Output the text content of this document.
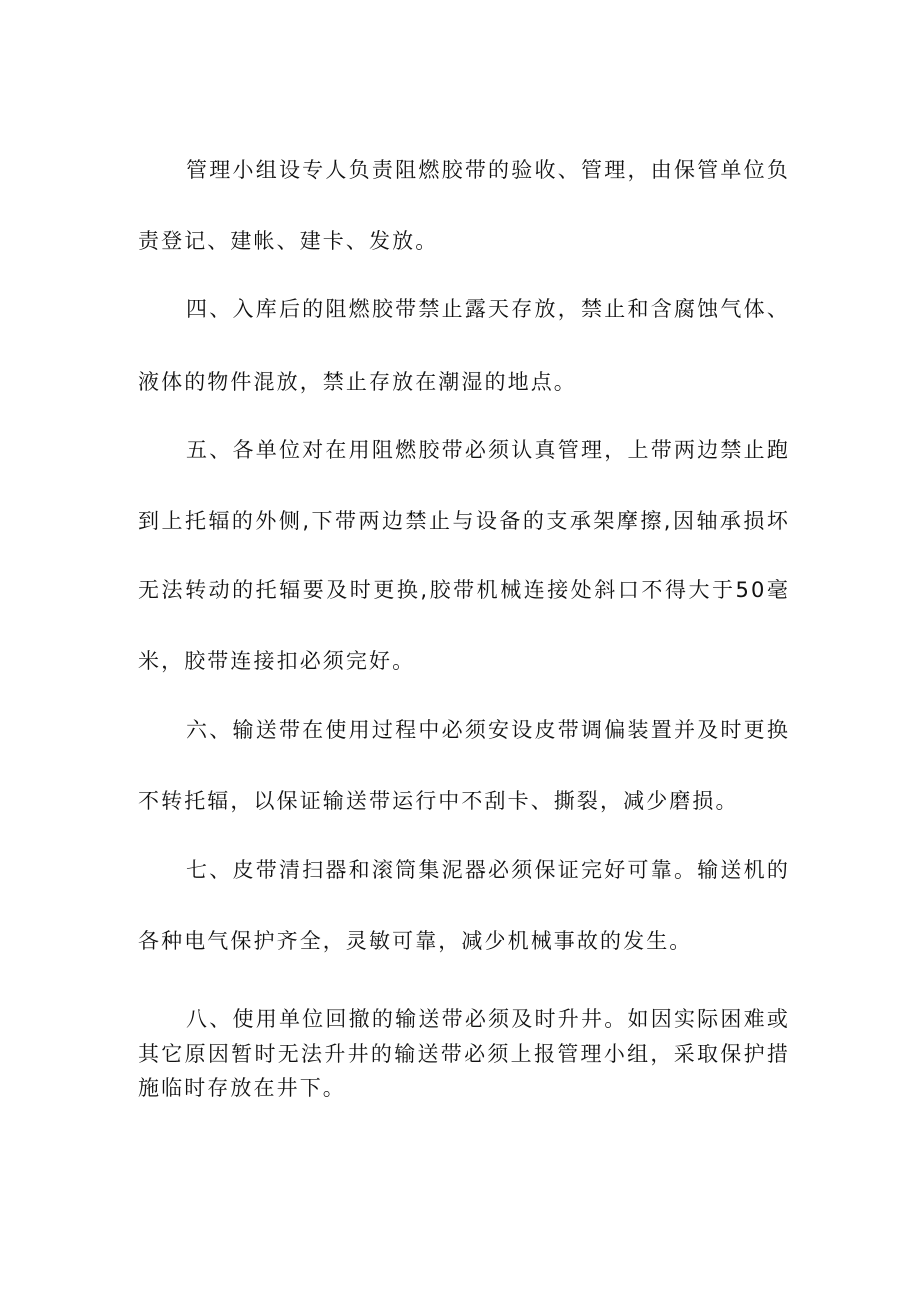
管理小组设专人负责阻燃胶带的验收、管理，由保管单位负

责登记、建帐、建卡、发放。

四、入库后的阻燃胶带禁止露天存放，禁止和含腐蚀气体、

液体的物件混放，禁止存放在潮湿的地点。

五、各单位对在用阻燃胶带必须认真管理，上带两边禁止跑

到上托辐的外侧,下带两边禁止与设备的支承架摩擦,因轴承损坏

无法转动的托辐要及时更换,胶带机械连接处斜口不得大于50毫

米，胶带连接扣必须完好。

六、输送带在使用过程中必须安设皮带调偏装置并及时更换

不转托辐，以保证输送带运行中不刮卡、撕裂，减少磨损。

七、皮带清扫器和滚筒集泥器必须保证完好可靠。输送机的

各种电气保护齐全，灵敏可靠，减少机械事故的发生。

八、使用单位回撤的输送带必须及时升井。如因实际困难或

其它原因暂时无法升井的输送带必须上报管理小组，采取保护措

施临时存放在井下。
